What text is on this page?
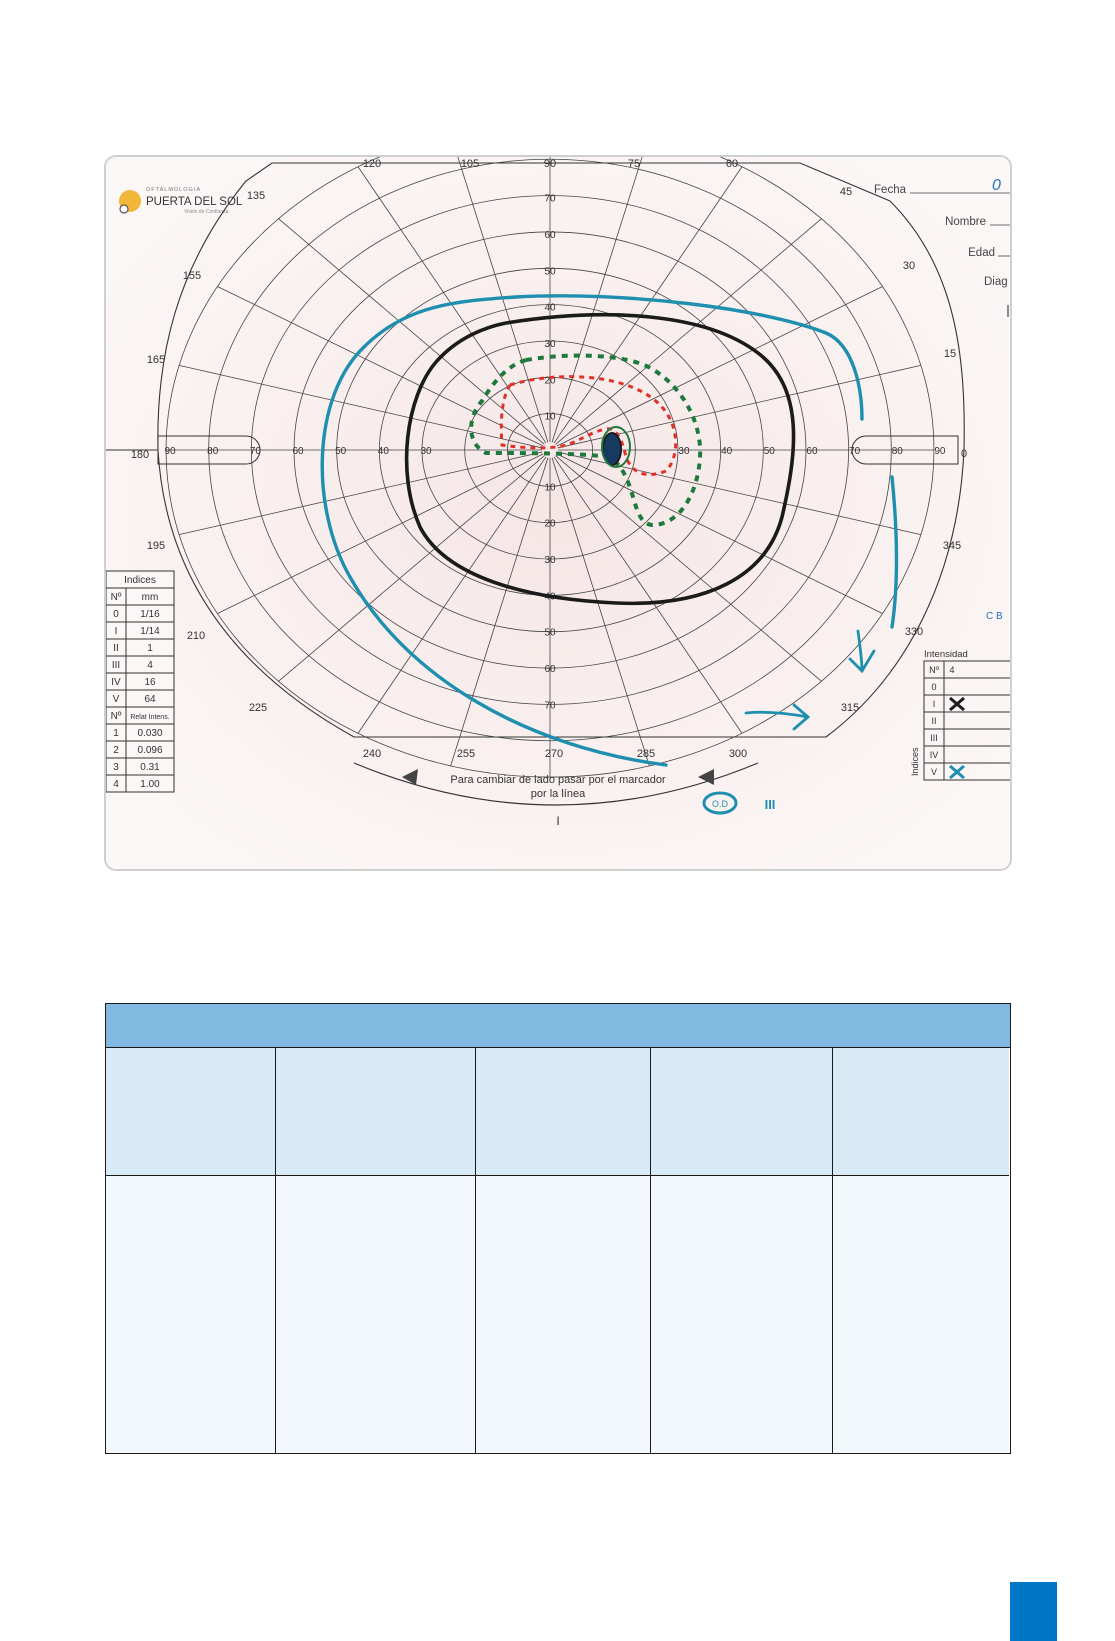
OFTALMOLOGIA
PUERTA DEL SOL
Visión de Confianza
Fecha	0
Nombre
Edad
Diag
120	105	90	75	60
45
30
15
0
345
330
315
300
285
270
255
240
225
210
195
180
165
155
135	70
60
50
40
30
20
10
10
20
30
40
50
60
70
90	80	70	60	50	40	30	30	40	50	60	70	80	90
Para cambiar de lado pasar por el marcador
por la línea
I
O.D	III
C B
Indices
Nº mm
0 1/16
I 1/14
II	1
III	4
IV 16
V	64
Nº Relat Intens.
1 0.030
2 0.096
3 0.31
4 1.00
Intensidad
Nº 4
0
I
II
III
IV
V
Indices
